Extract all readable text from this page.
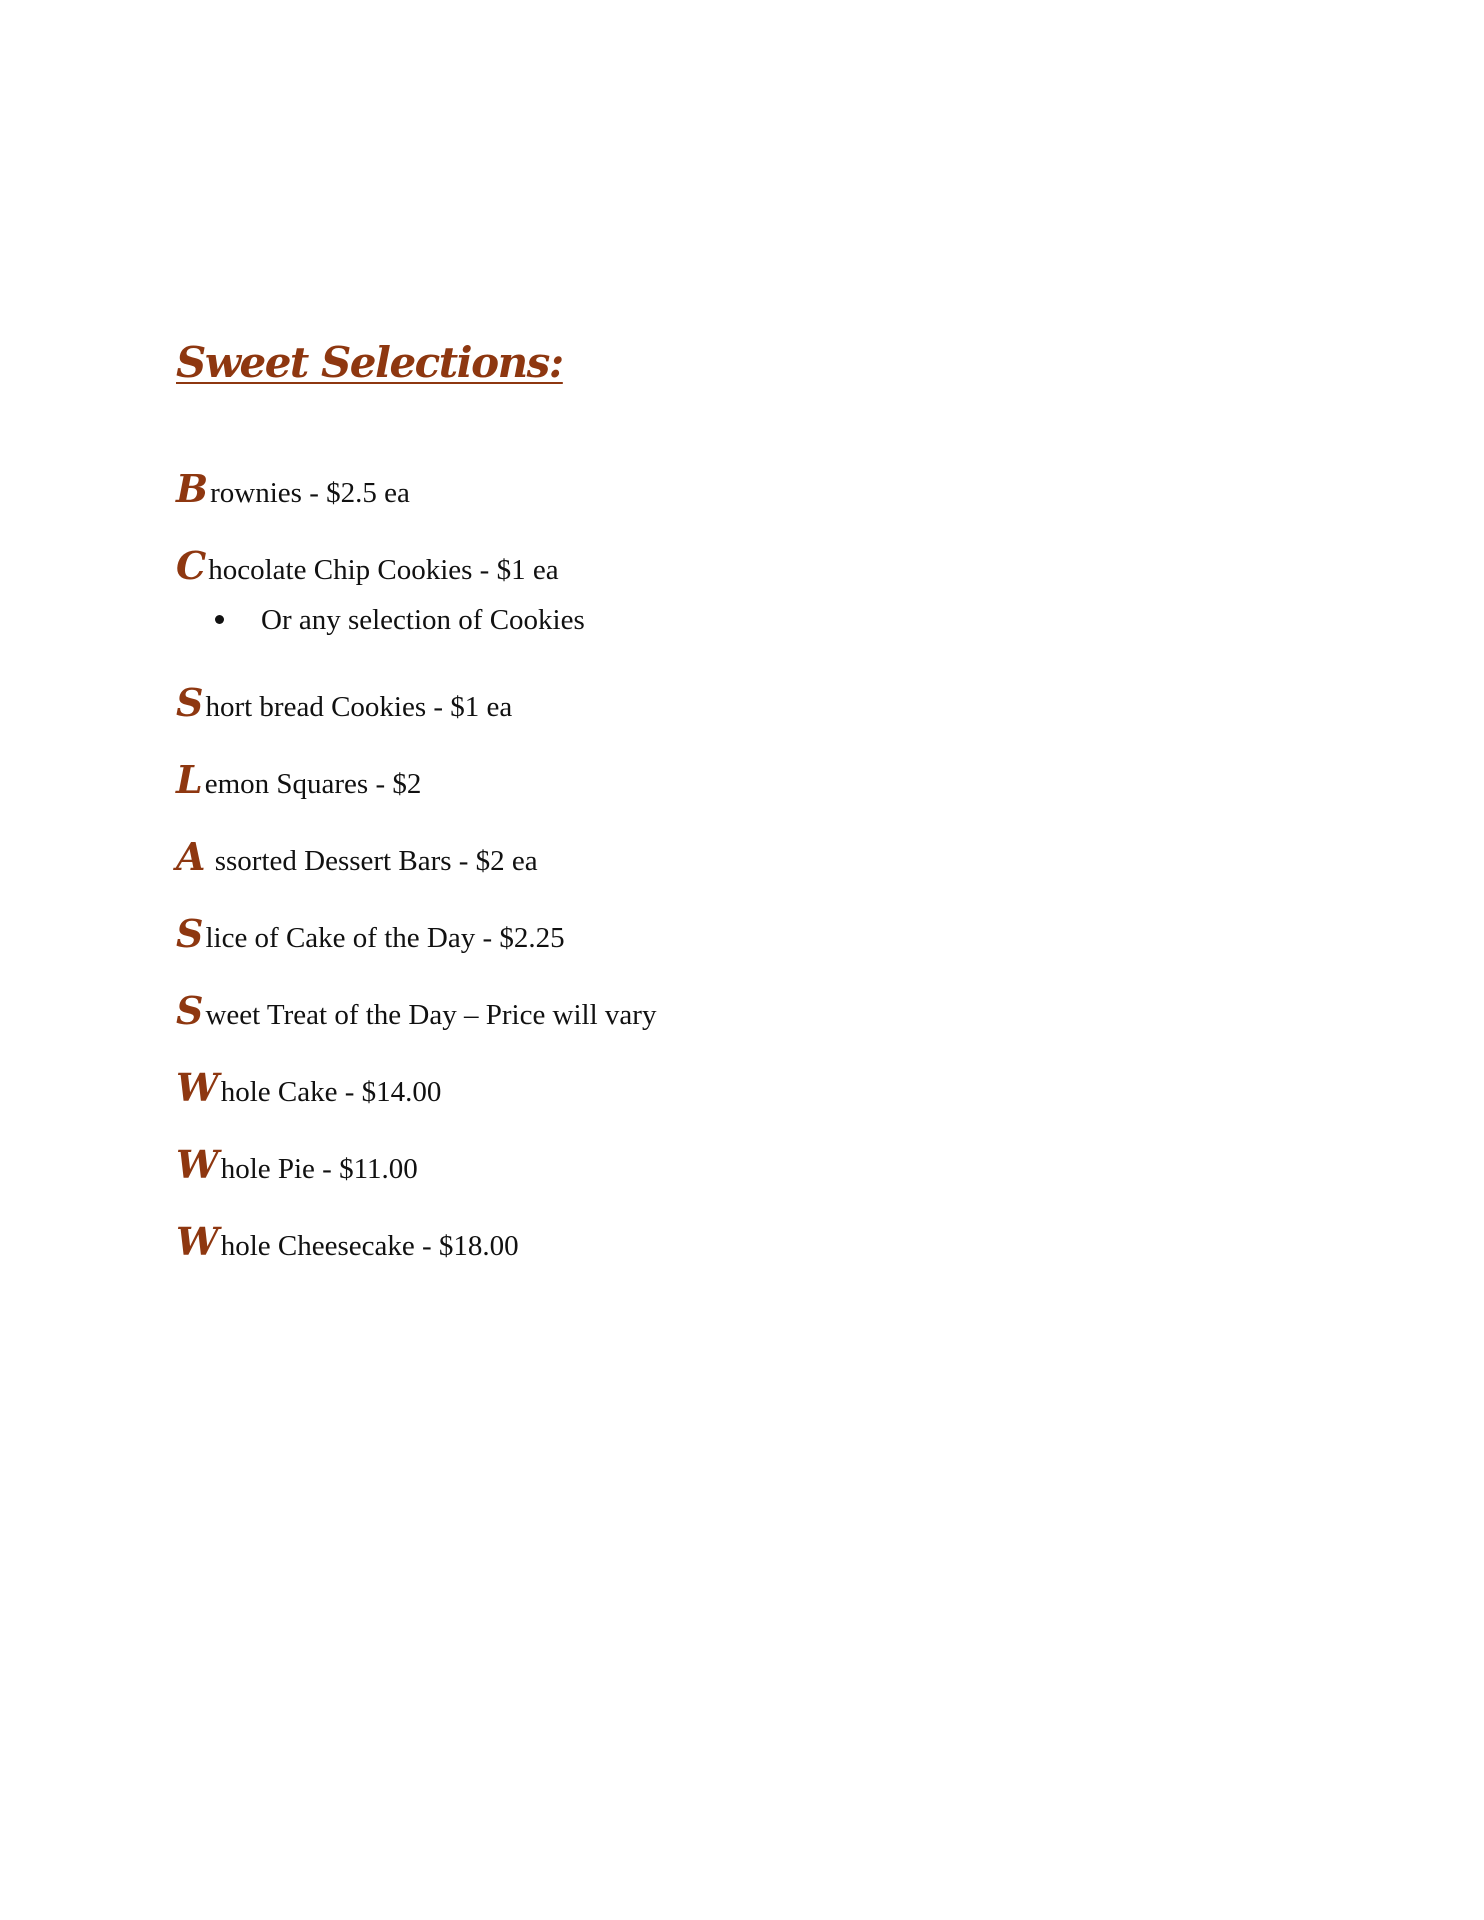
Sweet Selections:
Brownies - $2.5 ea
Chocolate Chip Cookies - $1 ea
Or any selection of Cookies
Short bread Cookies - $1 ea
Lemon Squares - $2
A ssorted Dessert Bars - $2 ea
Slice of Cake of the Day - $2.25
Sweet Treat of the Day – Price will vary
Whole Cake - $14.00
Whole Pie - $11.00
Whole Cheesecake - $18.00
